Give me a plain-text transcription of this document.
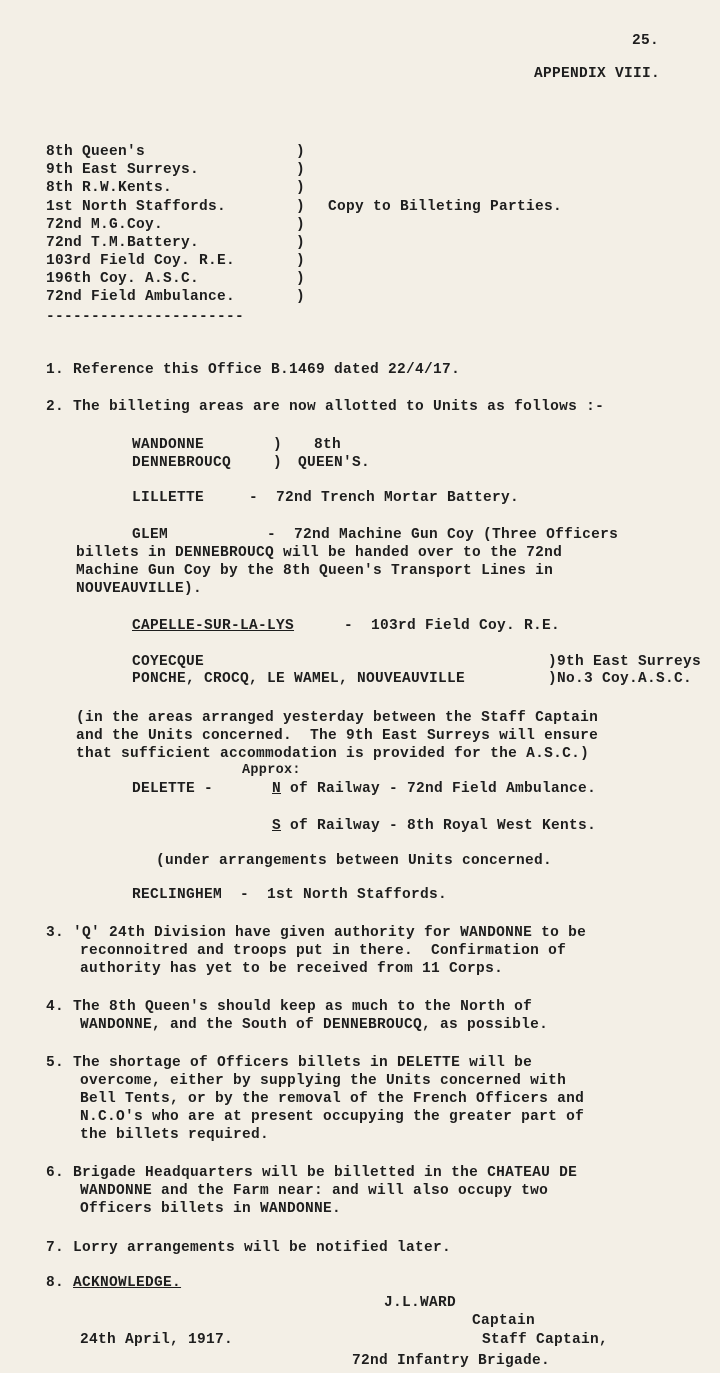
25.
APPENDIX VIII.
8th Queen's
9th East Surreys.
8th R.W.Kents.
1st North Staffords.
72nd M.G.Coy.
72nd T.M.Battery.
103rd Field Coy. R.E.
196th Coy. A.S.C.
72nd Field Ambulance.
)
)
)
)
)
)
)
)
)
Copy to Billeting Parties.
----------------------
1. Reference this Office B.1469 dated 22/4/17.
2. The billeting areas are now allotted to Units as follows :-
WANDONNE
DENNEBROUCQ
)
)
8th
QUEEN'S.
LILLETTE     -  72nd Trench Mortar Battery.
GLEM           -  72nd Machine Gun Coy (Three Officers
billets in DENNEBROUCQ will be handed over to the 72nd
Machine Gun Coy by the 8th Queen's Transport Lines in
NOUVEAUVILLE).
CAPELLE-SUR-LA-LYS	-  103rd Field Coy. R.E.
COYECQUE
PONCHE, CROCQ, LE WAMEL, NOUVEAUVILLE
)9th East Surreys
)No.3 Coy.A.S.C.
(in the areas arranged yesterday between the Staff Captain
and the Units concerned.  The 9th East Surreys will ensure
that sufficient accommodation is provided for the A.S.C.)
Approx:
DELETTE -	N of Railway - 72nd Field Ambulance.
S of Railway - 8th Royal West Kents.
(under arrangements between Units concerned.
RECLINGHEM  -  1st North Staffords.
3. 'Q' 24th Division have given authority for WANDONNE to be
reconnoitred and troops put in there.  Confirmation of
authority has yet to be received from 11 Corps.
4. The 8th Queen's should keep as much to the North of
WANDONNE, and the South of DENNEBROUCQ, as possible.
5. The shortage of Officers billets in DELETTE will be
overcome, either by supplying the Units concerned with
Bell Tents, or by the removal of the French Officers and
N.C.O's who are at present occupying the greater part of
the billets required.
6. Brigade Headquarters will be billetted in the CHATEAU DE
WANDONNE and the Farm near: and will also occupy two
Officers billets in WANDONNE.
7. Lorry arrangements will be notified later.
8. ACKNOWLEDGE.
J.L.WARD
Captain
Staff Captain,
72nd Infantry Brigade.
24th April, 1917.
